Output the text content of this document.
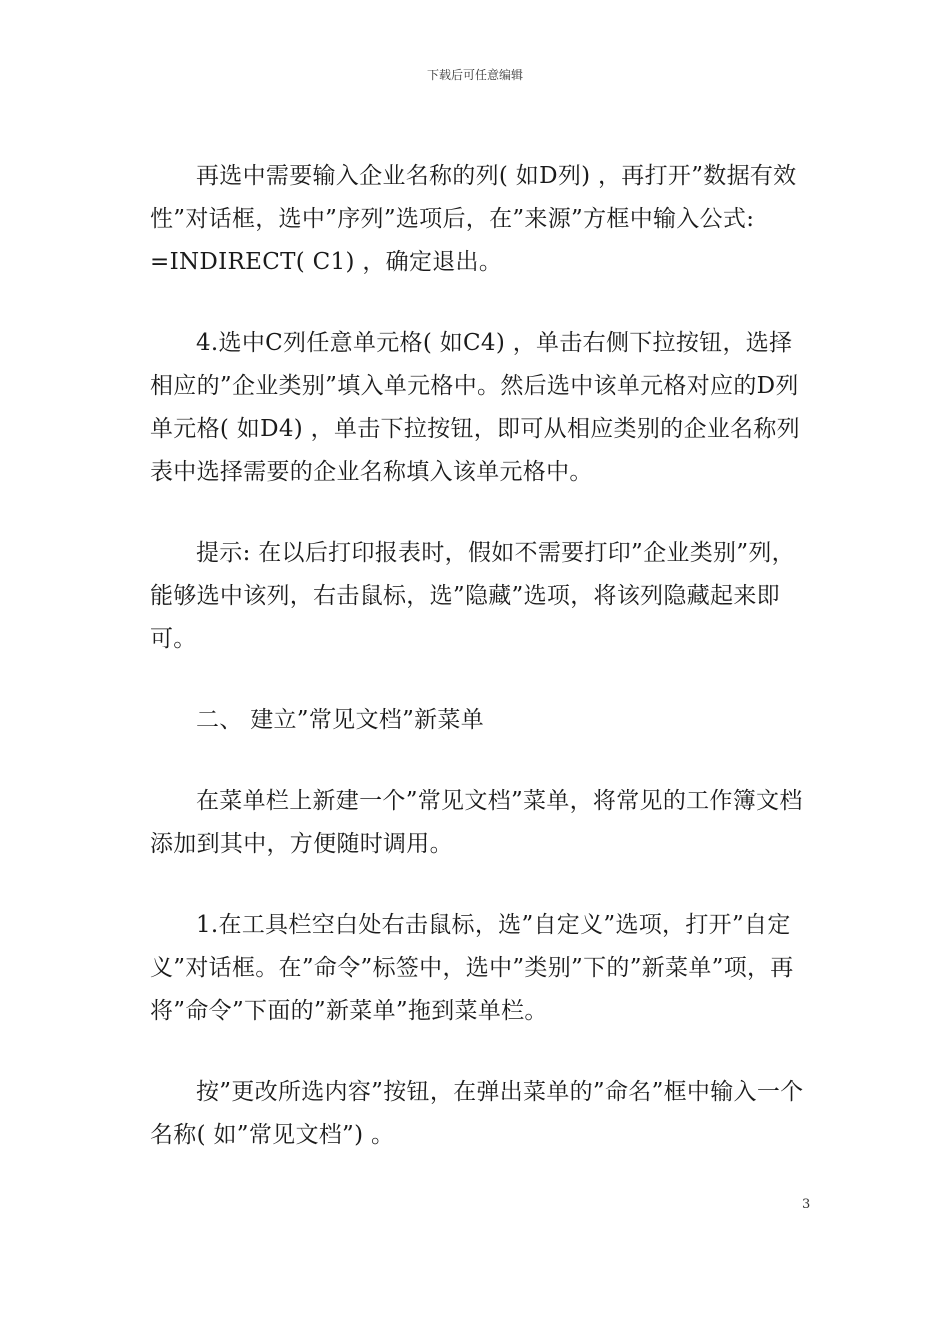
下载后可任意编辑

再选中需要输入企业名称的列( 如D列) ，再打开”数据有效性”对话框，选中”序列”选项后，在”来源”方框中输入公式: =INDIRECT( C1) ，确定退出。

4.选中C列任意单元格( 如C4) ，单击右侧下拉按钮，选择相应的”企业类别”填入单元格中。然后选中该单元格对应的D列单元格( 如D4) ，单击下拉按钮，即可从相应类别的企业名称列表中选择需要的企业名称填入该单元格中。

提示: 在以后打印报表时，假如不需要打印”企业类别”列，能够选中该列，右击鼠标，选”隐藏”选项，将该列隐藏起来即可。

二、 建立”常见文档”新菜单

在菜单栏上新建一个”常见文档”菜单，将常见的工作簿文档添加到其中，方便随时调用。

1.在工具栏空白处右击鼠标，选”自定义”选项，打开”自定义”对话框。在”命令”标签中，选中”类别”下的”新菜单”项，再将”命令”下面的”新菜单”拖到菜单栏。

按”更改所选内容”按钮，在弹出菜单的”命名”框中输入一个名称( 如”常见文档”) 。

3
